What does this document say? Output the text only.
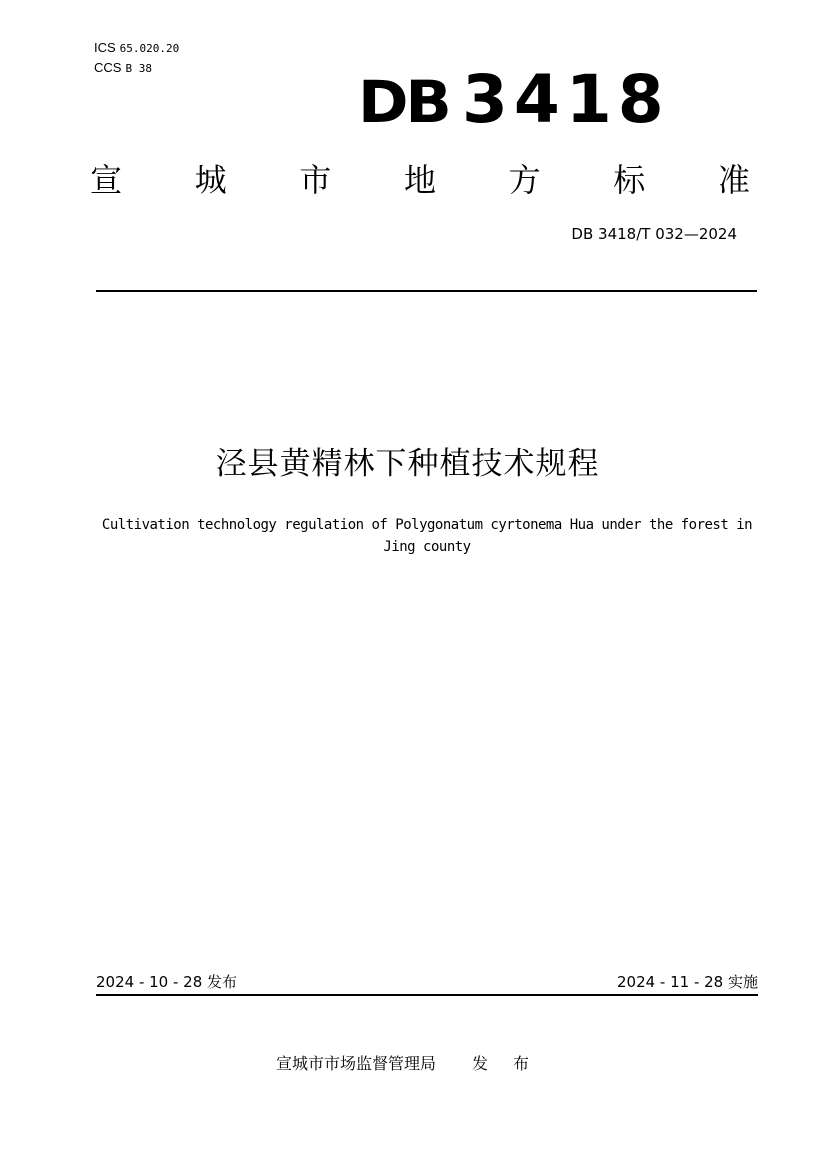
ICS 65.020.20
CCS B 38	DB 3418
宣 城 市 地 方 标 准
DB 3418/T 032—2024
泾县黄精林下种植技术规程
Cultivation technology regulation of Polygonatum cyrtonema Hua under the forest in Jing county
2024 - 10 - 28 发布	2024 - 11 - 28 实施
宣城市市场监督管理局 发 布
